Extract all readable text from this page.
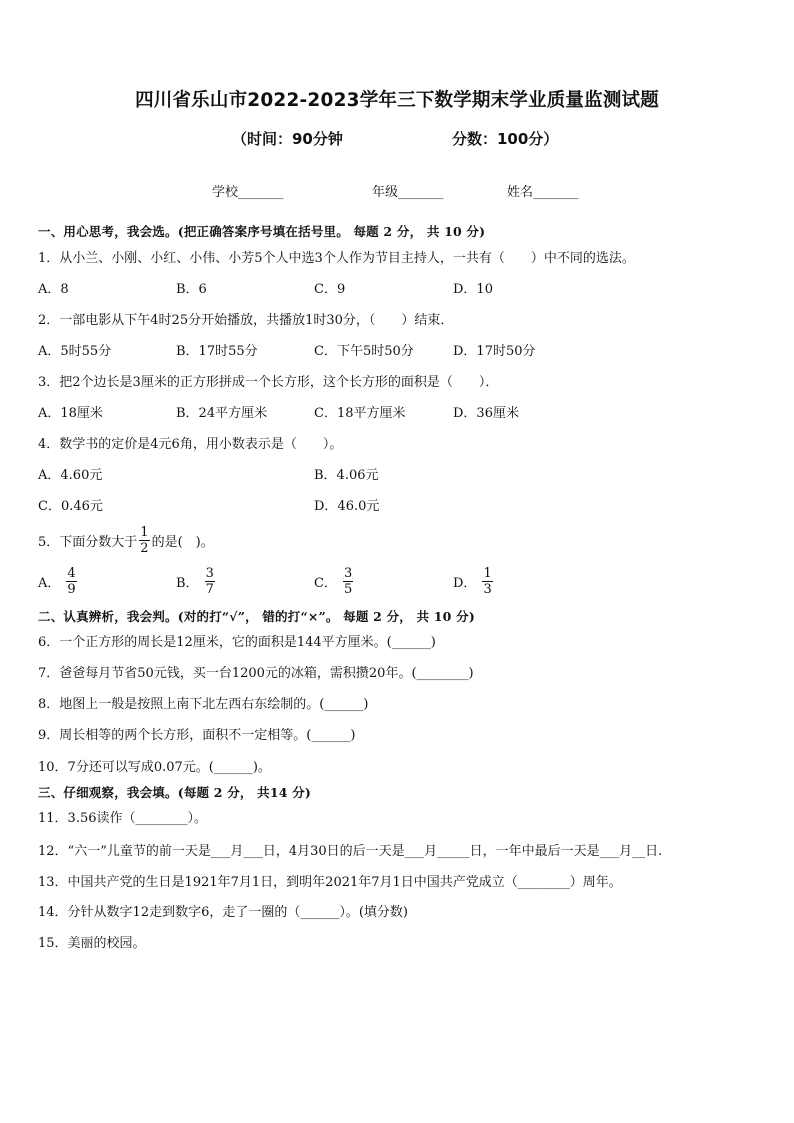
四川省乐山市2022-2023学年三下数学期末学业质量监测试题
（时间：90分钟	分数：100分）
学校_______	年级_______	姓名_______
一、用心思考，我会选。(把正确答案序号填在括号里。 每题 2 分， 共 10 分)
1．从小兰、小刚、小红、小伟、小芳5个人中选3个人作为节目主持人，一共有（　　）中不同的选法。
A．8	B．6	C．9	D．10
2．一部电影从下午4时25分开始播放，共播放1时30分，（　　）结束．
A．5时55分	B．17时55分	C．下午5时50分	D．17时50分
3．把2个边长是3厘米的正方形拼成一个长方形，这个长方形的面积是（　　）．
A．18厘米	B．24平方厘米	C．18平方厘米	D．36厘米
4．数学书的定价是4元6角，用小数表示是（　　）。
A．4.60元	B．4.06元
C．0.46元	D．46.0元
5．下面分数大于 $\frac{1}{2}$ 的是(　)。
A． $\frac{4}{9}$	B． $\frac{3}{7}$	C． $\frac{3}{5}$	D． $\frac{1}{3}$
二、认真辨析，我会判。(对的打“√”， 错的打“×”。 每题 2 分， 共 10 分)
6．一个正方形的周长是12厘米，它的面积是144平方厘米。(______)
7．爸爸每月节省50元钱，买一台1200元的冰箱，需积攒20年。(________)
8．地图上一般是按照上南下北左西右东绘制的。(______)
9．周长相等的两个长方形，面积不一定相等。(______)
10．7分还可以写成0.07元。(______)。
三、仔细观察，我会填。(每题 2 分， 共14 分)
11．3.56读作（________）。
12．“六一”儿童节的前一天是___月___日，4月30日的后一天是___月_____日，一年中最后一天是___月__日.
13．中国共产党的生日是1921年7月1日，到明年2021年7月1日中国共产党成立（________）周年。
14．分针从数字12走到数字6，走了一圈的（______）。(填分数)
15．美丽的校园。
